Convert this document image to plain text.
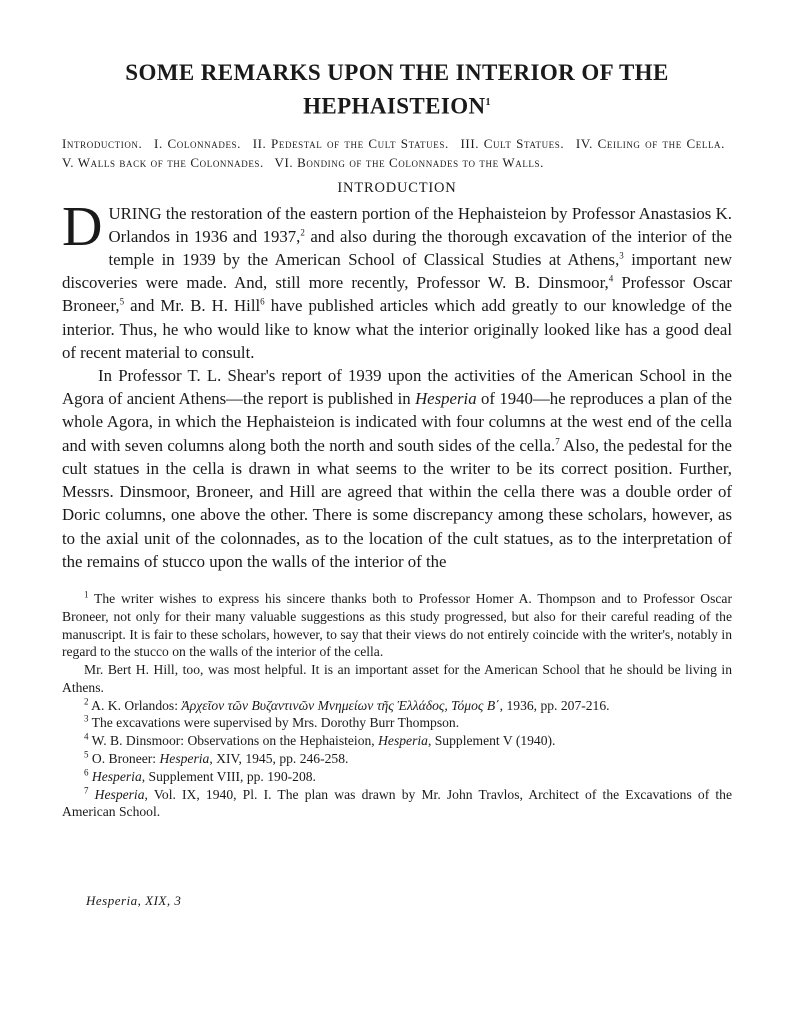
SOME REMARKS UPON THE INTERIOR OF THE HEPHAISTEION$^1$
Introduction. I. Colonnades. II. Pedestal of the Cult Statues. III. Cult Statues. IV. Ceiling of the Cella. V. Walls back of the Colonnades. VI. Bonding of the Colonnades to the Walls.
INTRODUCTION

DURING the restoration of the eastern portion of the Hephaisteion by Professor Anastasios K. Orlandos in 1936 and 1937,$^2$ and also during the thorough excavation of the interior of the temple in 1939 by the American School of Classical Studies at Athens,$^3$ important new discoveries were made. And, still more recently, Professor W. B. Dinsmoor,$^4$ Professor Oscar Broneer,$^5$ and Mr. B. H. Hill$^6$ have published articles which add greatly to our knowledge of the interior. Thus, he who would like to know what the interior originally looked like has a good deal of recent material to consult.

In Professor T. L. Shear's report of 1939 upon the activities of the American School in the Agora of ancient Athens—the report is published in Hesperia of 1940—he reproduces a plan of the whole Agora, in which the Hephaisteion is indicated with four columns at the west end of the cella and with seven columns along both the north and south sides of the cella.$^7$ Also, the pedestal for the cult statues in the cella is drawn in what seems to the writer to be its correct position. Further, Messrs. Dinsmoor, Broneer, and Hill are agreed that within the cella there was a double order of Doric columns, one above the other. There is some discrepancy among these scholars, however, as to the axial unit of the colonnades, as to the location of the cult statues, as to the interpretation of the remains of stucco upon the walls of the interior of the

$^1$ The writer wishes to express his sincere thanks both to Professor Homer A. Thompson and to Professor Oscar Broneer, not only for their many valuable suggestions as this study progressed, but also for their careful reading of the manuscript. It is fair to these scholars, however, to say that their views do not entirely coincide with the writer's, notably in regard to the stucco on the walls of the interior of the cella.

Mr. Bert H. Hill, too, was most helpful. It is an important asset for the American School that he should be living in Athens.

$^2$ A. K. Orlandos: Ἀρχεῖον τῶν Βυζαντινῶν Μνημείων τῆς Ἑλλάδος, Τόμος Β΄, 1936, pp. 207-216.

$^3$ The excavations were supervised by Mrs. Dorothy Burr Thompson.

$^4$ W. B. Dinsmoor: Observations on the Hephaisteion, Hesperia, Supplement V (1940).

$^5$ O. Broneer: Hesperia, XIV, 1945, pp. 246-258.

$^6$ Hesperia, Supplement VIII, pp. 190-208.

$^7$ Hesperia, Vol. IX, 1940, Pl. I. The plan was drawn by Mr. John Travlos, Architect of the Excavations of the American School.

Hesperia, XIX, 3
